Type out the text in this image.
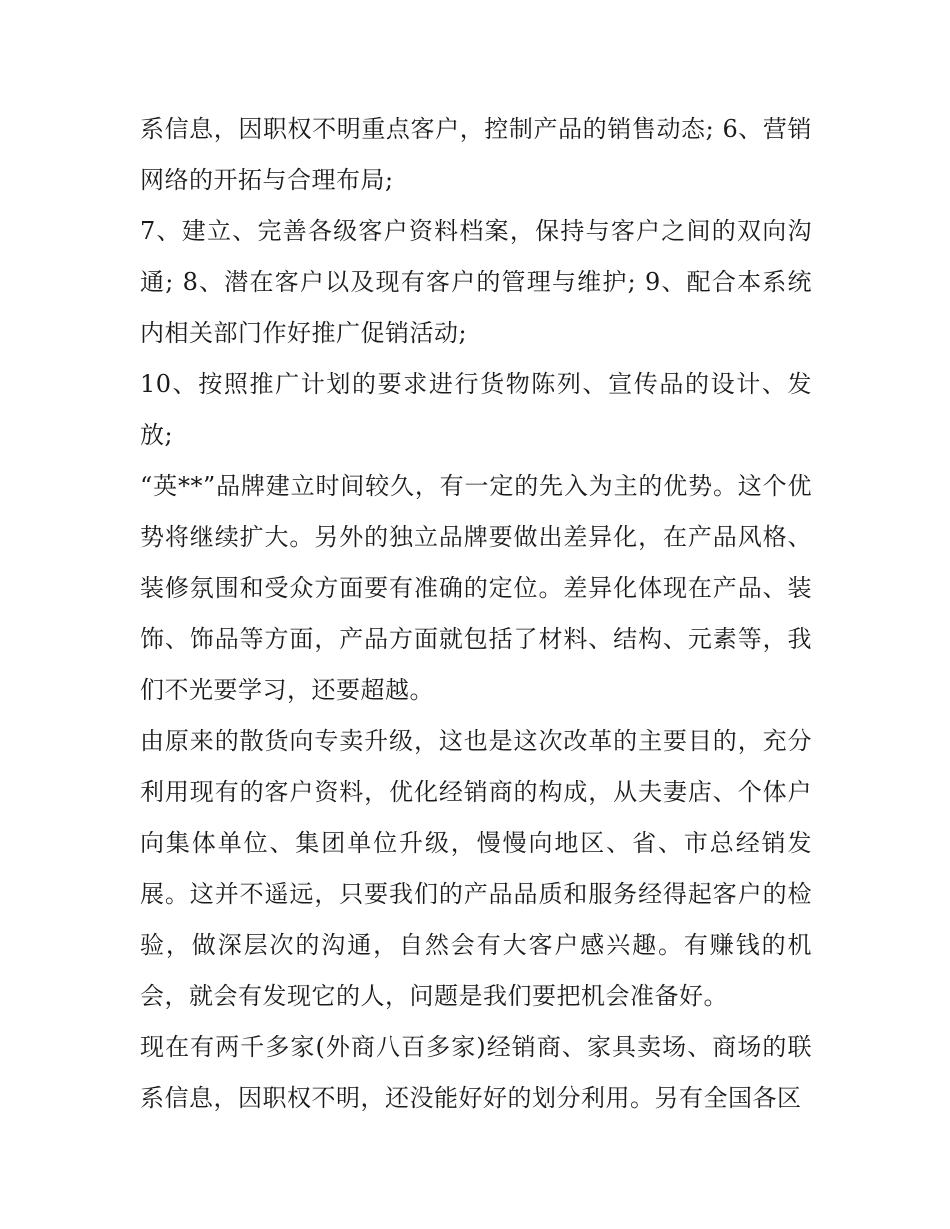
系信息，因职权不明重点客户，控制产品的销售动态; 6、营销网络的开拓与合理布局;

7、建立、完善各级客户资料档案，保持与客户之间的双向沟通; 8、潜在客户以及现有客户的管理与维护; 9、配合本系统内相关部门作好推广促销活动;

10、按照推广计划的要求进行货物陈列、宣传品的设计、发放;

“英**”品牌建立时间较久，有一定的先入为主的优势。这个优势将继续扩大。另外的独立品牌要做出差异化，在产品风格、装修氛围和受众方面要有准确的定位。差异化体现在产品、装饰、饰品等方面，产品方面就包括了材料、结构、元素等，我们不光要学习，还要超越。

由原来的散货向专卖升级，这也是这次改革的主要目的，充分利用现有的客户资料，优化经销商的构成，从夫妻店、个体户向集体单位、集团单位升级，慢慢向地区、省、市总经销发展。这并不遥远，只要我们的产品品质和服务经得起客户的检验，做深层次的沟通，自然会有大客户感兴趣。有赚钱的机会，就会有发现它的人，问题是我们要把机会准备好。

现在有两千多家(外商八百多家)经销商、家具卖场、商场的联系信息，因职权不明，还没能好好的划分利用。另有全国各区
